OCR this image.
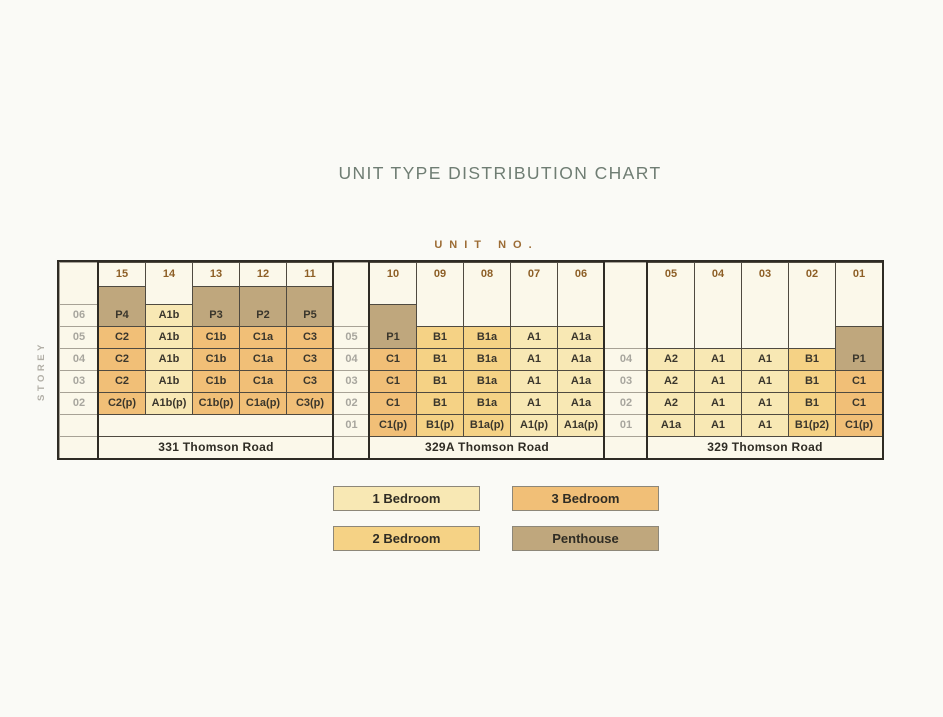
UNIT TYPE DISTRIBUTION CHART
UNIT NO.
STOREY
06
05
04
03
02
15
P4
C2
C2
C2
C2(p)
14
A1b
A1b
A1b
A1b
A1b(p)
13
P3
C1b
C1b
C1b
C1b(p)
12
P2
C1a
C1a
C1a
C1a(p)
11
P5
C3
C3
C3
C3(p)
331 Thomson Road
05
04
03
02
01
10
P1
C1
C1
C1
C1(p)
09
B1
B1
B1
B1
B1(p)
08
B1a
B1a
B1a
B1a
B1a(p)
07
A1
A1
A1
A1
A1(p)
06
A1a
A1a
A1a
A1a
A1a(p)
329A Thomson Road
04
03
02
01
05
A2
A2
A2
A1a
04
A1
A1
A1
A1
03
A1
A1
A1
A1
02
B1
B1
B1
B1(p2)
01
P1
C1
C1
C1(p)
329 Thomson Road
1 Bedroom	3 Bedroom
2 Bedroom	Penthouse
